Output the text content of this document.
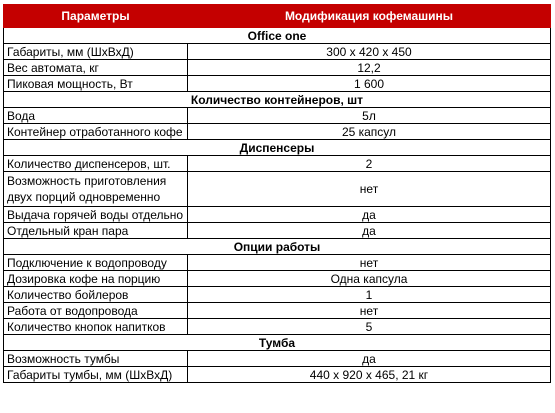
Параметры	Модификация кофемашины
Office one	
Габариты, мм (ШхВхД)	300 х 420 х 450
Вес автомата, кг	12,2
Пиковая мощность, Вт	1 600
Количество контейнеров, шт	
Вода	5л
Контейнер отработанного кофе	25 капсул
Диспенсеры	
Количество диспенсеров, шт.	2
Возможность приготовления двух порций одновременно	нет
Выдача горячей воды отдельно	да
Отдельный кран пара	да
Опции работы	
Подключение к водопроводу	нет
Дозировка кофе на порцию	Одна капсула
Количество бойлеров	1
Работа от водопровода	нет
Количество кнопок напитков	5
Тумба	
Возможность тумбы	да
Габариты тумбы, мм (ШхВхД)	440 х 920 х 465, 21 кг
